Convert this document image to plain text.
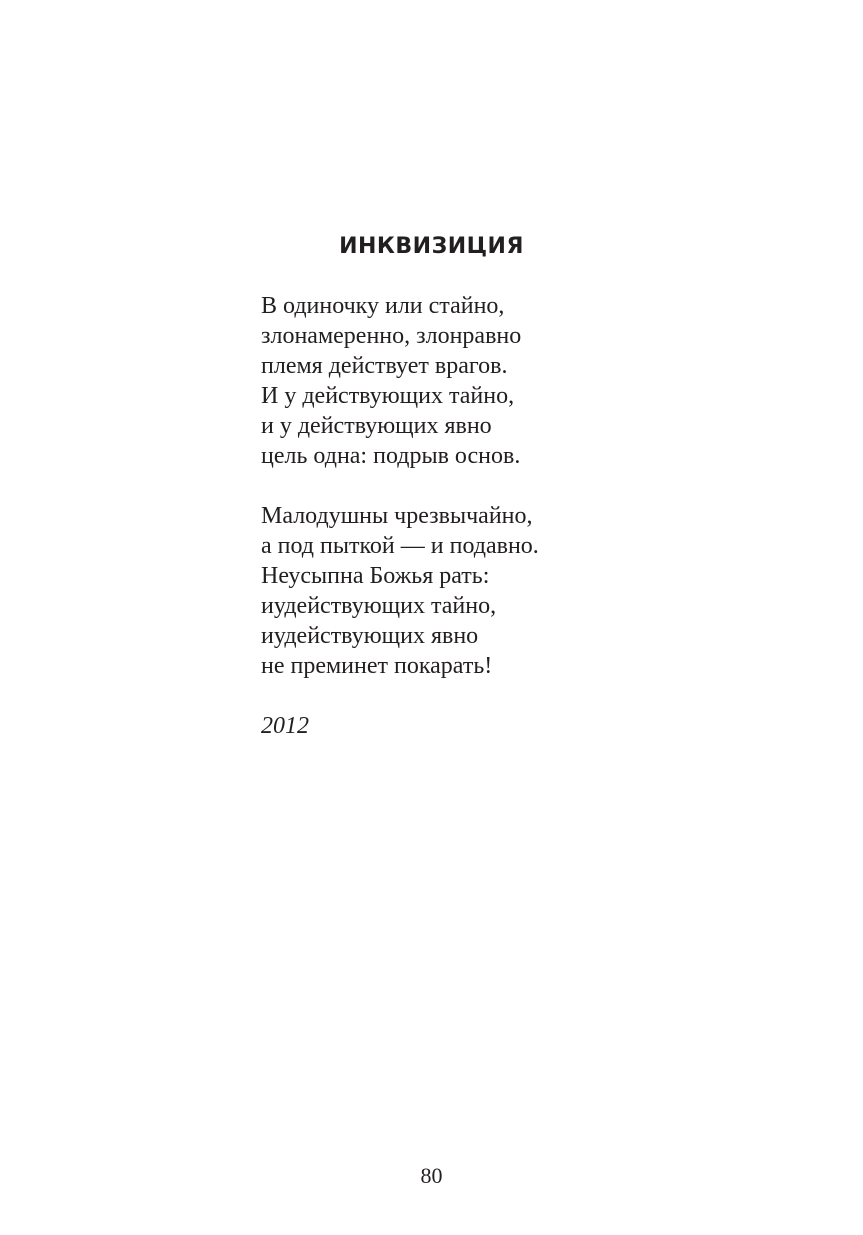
ИНКВИЗИЦИЯ
В одиночку или стайно,
злонамеренно, злонравно
племя действует врагов.
И у действующих тайно,
и у действующих явно
цель одна: подрыв основ.
Малодушны чрезвычайно,
а под пыткой — и подавно.
Неусыпна Божья рать:
иудействующих тайно,
иудействующих явно
не преминет покарать!
2012
80
